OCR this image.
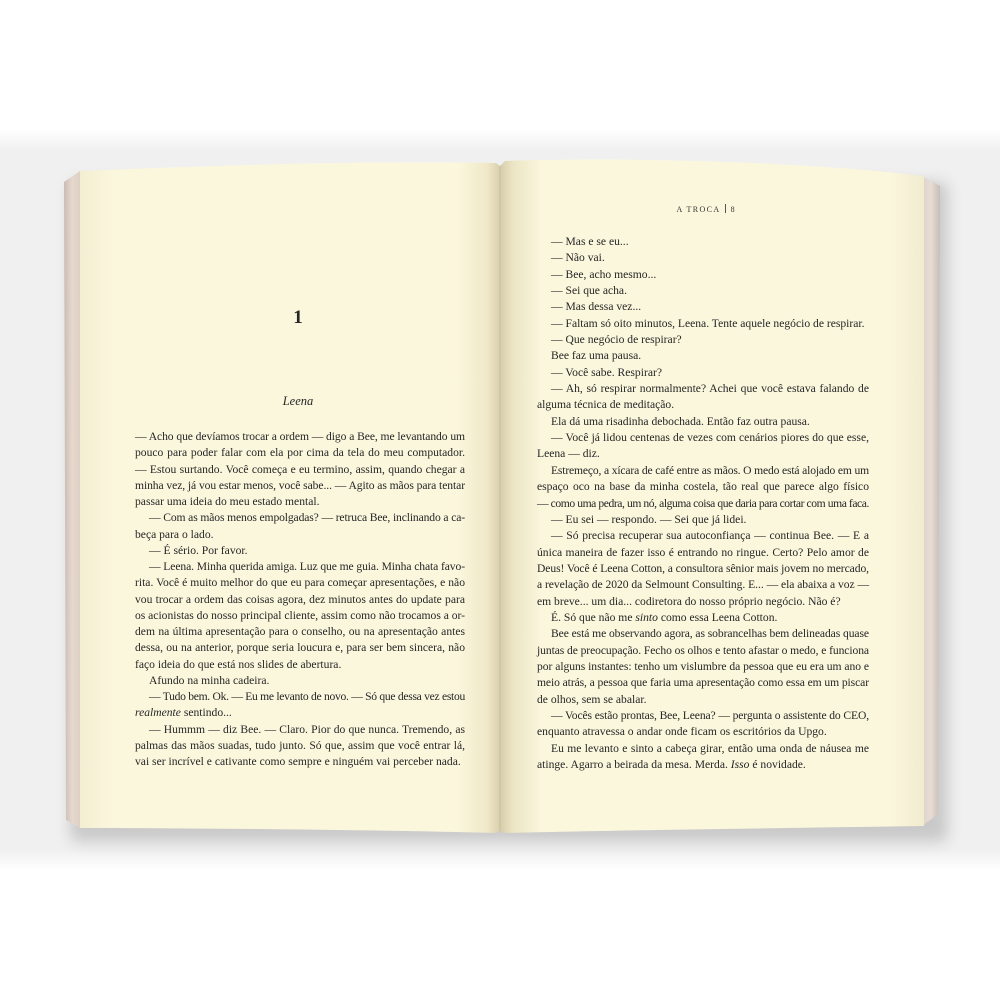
1
Leena
— Acho que devíamos trocar a ordem — digo a Bee, me levantando um
pouco para poder falar com ela por cima da tela do meu computador.
— Estou surtando. Você começa e eu termino, assim, quando chegar a
minha vez, já vou estar menos, você sabe... — Agito as mãos para tentar
passar uma ideia do meu estado mental.
— Com as mãos menos empolgadas? — retruca Bee, inclinando a ca-
beça para o lado.
— É sério. Por favor.
— Leena. Minha querida amiga. Luz que me guia. Minha chata favo-
rita. Você é muito melhor do que eu para começar apresentações, e não
vou trocar a ordem das coisas agora, dez minutos antes do update para
os acionistas do nosso principal cliente, assim como não trocamos a or-
dem na última apresentação para o conselho, ou na apresentação antes
dessa, ou na anterior, porque seria loucura e, para ser bem sincera, não
faço ideia do que está nos slides de abertura.
Afundo na minha cadeira.
— Tudo bem. Ok. — Eu me levanto de novo. — Só que dessa vez estou
realmente sentindo...
— Hummm — diz Bee. — Claro. Pior do que nunca. Tremendo, as
palmas das mãos suadas, tudo junto. Só que, assim que você entrar lá,
vai ser incrível e cativante como sempre e ninguém vai perceber nada.
A TROCA 8
— Mas e se eu...
— Não vai.
— Bee, acho mesmo...
— Sei que acha.
— Mas dessa vez...
— Faltam só oito minutos, Leena. Tente aquele negócio de respirar.
— Que negócio de respirar?
Bee faz uma pausa.
— Você sabe. Respirar?
— Ah, só respirar normalmente? Achei que você estava falando de
alguma técnica de meditação.
Ela dá uma risadinha debochada. Então faz outra pausa.
— Você já lidou centenas de vezes com cenários piores do que esse,
Leena — diz.
Estremeço, a xícara de café entre as mãos. O medo está alojado em um
espaço oco na base da minha costela, tão real que parece algo físico
— como uma pedra, um nó, alguma coisa que daria para cortar com uma faca.
— Eu sei — respondo. — Sei que já lidei.
— Só precisa recuperar sua autoconfiança — continua Bee. — E a
única maneira de fazer isso é entrando no ringue. Certo? Pelo amor de
Deus! Você é Leena Cotton, a consultora sênior mais jovem no mercado,
a revelação de 2020 da Selmount Consulting. E... — ela abaixa a voz —
em breve... um dia... codiretora do nosso próprio negócio. Não é?
É. Só que não me sinto como essa Leena Cotton.
Bee está me observando agora, as sobrancelhas bem delineadas quase
juntas de preocupação. Fecho os olhos e tento afastar o medo, e funciona
por alguns instantes: tenho um vislumbre da pessoa que eu era um ano e
meio atrás, a pessoa que faria uma apresentação como essa em um piscar
de olhos, sem se abalar.
— Vocês estão prontas, Bee, Leena? — pergunta o assistente do CEO,
enquanto atravessa o andar onde ficam os escritórios da Upgo.
Eu me levanto e sinto a cabeça girar, então uma onda de náusea me
atinge. Agarro a beirada da mesa. Merda. Isso é novidade.
